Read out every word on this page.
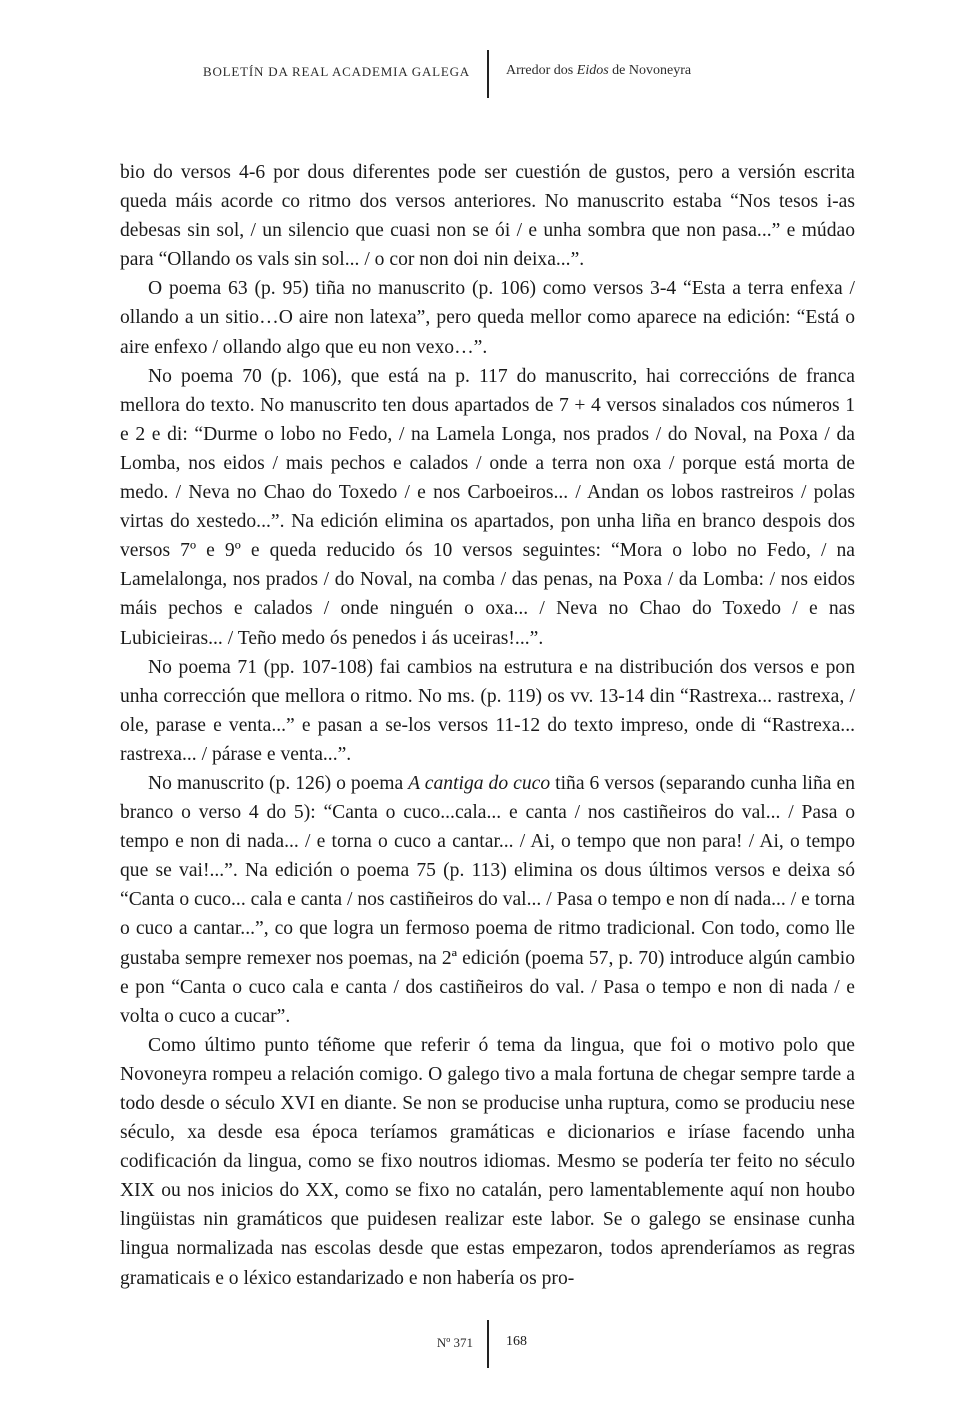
BOLETÍN DA REAL ACADEMIA GALEGA	Arredor dos Eidos de Novoneyra

bio do versos 4-6 por dous diferentes pode ser cuestión de gustos, pero a versión escrita queda máis acorde co ritmo dos versos anteriores. No manuscrito estaba “Nos tesos i-as debesas sin sol, / un silencio que cuasi non se ói / e unha sombra que non pasa...” e múdao para “Ollando os vals sin sol... / o cor non doi nin deixa...”.

O poema 63 (p. 95) tiña no manuscrito (p. 106) como versos 3-4 “Esta a terra enfexa / ollando a un sitio…O aire non latexa”, pero queda mellor como aparece na edición: “Está o aire enfexo / ollando algo que eu non vexo…”.

No poema 70 (p. 106), que está na p. 117 do manuscrito, hai correccións de franca mellora do texto. No manuscrito ten dous apartados de 7 + 4 versos sinalados cos números 1 e 2 e di: “Durme o lobo no Fedo, / na Lamela Longa, nos prados / do Noval, na Poxa / da Lomba, nos eidos / mais pechos e calados / onde a terra non oxa / porque está morta de medo. / Neva no Chao do Toxedo / e nos Carboeiros... / Andan os lobos rastreiros / polas virtas do xestedo...”. Na edición elimina os apartados, pon unha liña en branco despois dos versos 7º e 9º e queda reducido ós 10 versos seguintes: “Mora o lobo no Fedo, / na Lamelalonga, nos prados / do Noval, na comba / das penas, na Poxa / da Lomba: / nos eidos máis pechos e calados / onde ninguén o oxa... / Neva no Chao do Toxedo / e nas Lubicieiras... / Teño medo ós penedos i ás uceiras!...”.

No poema 71 (pp. 107-108) fai cambios na estrutura e na distribución dos versos e pon unha corrección que mellora o ritmo. No ms. (p. 119) os vv. 13-14 din “Rastrexa... rastrexa, / ole, parase e venta...” e pasan a se-los versos 11-12 do texto impreso, onde di “Rastrexa... rastrexa... / párase e venta...”.

No manuscrito (p. 126) o poema A cantiga do cuco tiña 6 versos (separando cunha liña en branco o verso 4 do 5): “Canta o cuco...cala... e canta / nos castiñeiros do val... / Pasa o tempo e non di nada... / e torna o cuco a cantar... / Ai, o tempo que non para! / Ai, o tempo que se vai!...”. Na edición o poema 75 (p. 113) elimina os dous últimos versos e deixa só “Canta o cuco... cala e canta / nos castiñeiros do val... / Pasa o tempo e non dí nada... / e torna o cuco a cantar...”, co que logra un fermoso poema de ritmo tradicional. Con todo, como lle gustaba sempre remexer nos poemas, na 2ª edición (poema 57, p. 70) introduce algún cambio e pon “Canta o cuco cala e canta / dos castiñeiros do val. / Pasa o tempo e non di nada / e volta o cuco a cucar”.

Como último punto téñome que referir ó tema da lingua, que foi o motivo polo que Novoneyra rompeu a relación comigo. O galego tivo a mala fortuna de chegar sempre tarde a todo desde o século XVI en diante. Se non se producise unha ruptura, como se produciu nese século, xa desde esa época teríamos gramáticas e dicionarios e iríase facendo unha codificación da lingua, como se fixo noutros idiomas. Mesmo se podería ter feito no século XIX ou nos inicios do XX, como se fixo no catalán, pero lamentablemente aquí non houbo lingüistas nin gramáticos que puidesen realizar este labor. Se o galego se ensinase cunha lingua normalizada nas escolas desde que estas empezaron, todos aprenderíamos as regras gramaticais e o léxico estandarizado e non habería os pro-

Nº 371 168
